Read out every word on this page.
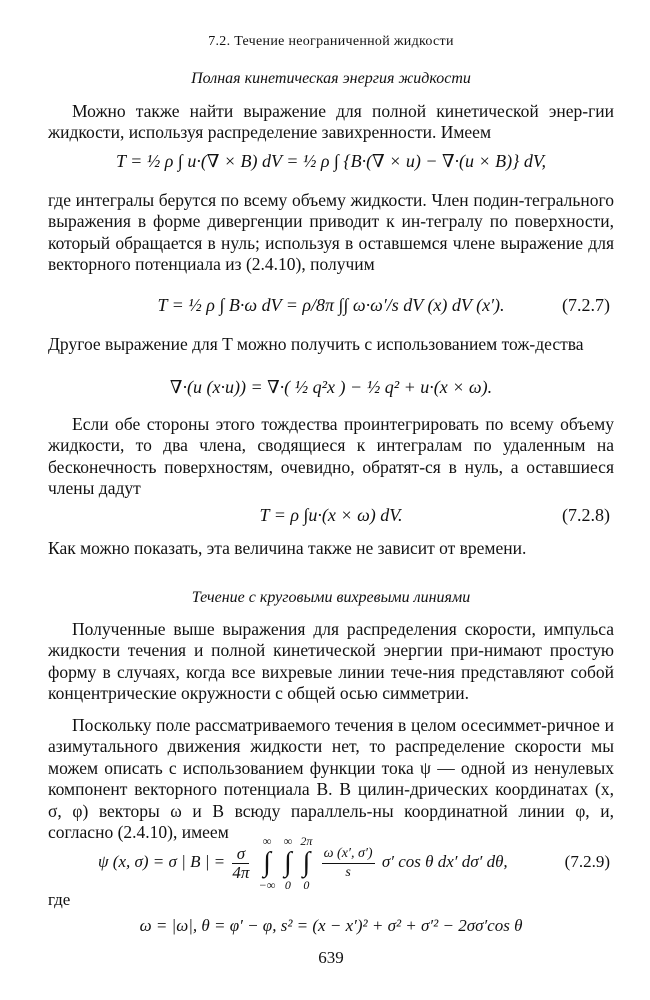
7.2. Течение неограниченной жидкости
Полная кинетическая энергия жидкости
Можно также найти выражение для полной кинетической энер-гии жидкости, используя распределение завихренности. Имеем
T = ½ ρ ∫ u·(∇ × B) dV = ½ ρ ∫ {B·(∇ × u) − ∇·(u × B)} dV,
где интегралы берутся по всему объему жидкости. Член подин-тегрального выражения в форме дивергенции приводит к ин-тегралу по поверхности, который обращается в нуль; используя в оставшемся члене выражение для векторного потенциала из (2.4.10), получим
T = ½ ρ ∫ B·ω dV = ρ/8π ∫∫ ω·ω′/s dV (x) dV (x′).	(7.2.7)
Другое выражение для T можно получить с использованием тож-дества
∇·(u (x·u)) = ∇·( ½ q²x ) − ½ q² + u·(x × ω).
Если обе стороны этого тождества проинтегрировать по всему объему жидкости, то два члена, сводящиеся к интегралам по удаленным на бесконечность поверхностям, очевидно, обратят-ся в нуль, а оставшиеся члены дадут
T = ρ ∫u·(x × ω) dV.	(7.2.8)
Как можно показать, эта величина также не зависит от времени.
Течение с круговыми вихревыми линиями
Полученные выше выражения для распределения скорости, импульса жидкости течения и полной кинетической энергии при-нимают простую форму в случаях, когда все вихревые линии тече-ния представляют собой концентрические окружности с общей осью симметрии.
Поскольку поле рассматриваемого течения в целом осесиммет-ричное и азимутального движения жидкости нет, то распределение скорости мы можем описать с использованием функции тока ψ — одной из ненулевых компонент векторного потенциала B. В цилин-дрических координатах (x, σ, φ) векторы ω и B всюду параллель-ны координатной линии φ, и, согласно (2.4.10), имеем
ψ (x, σ) = σ | B | = $\frac{\sigma}{4\pi}$

∞
∫
−∞

∞
∫
0

2π
∫
0

$\frac{\omega (x', \sigma')}{s} \sigma'$ cos θ dx′ dσ′ dθ,	(7.2.9)
где
ω = |ω|, θ = φ′ − φ, s² = (x − x′)² + σ² + σ′² − 2σσ′cos θ
639
